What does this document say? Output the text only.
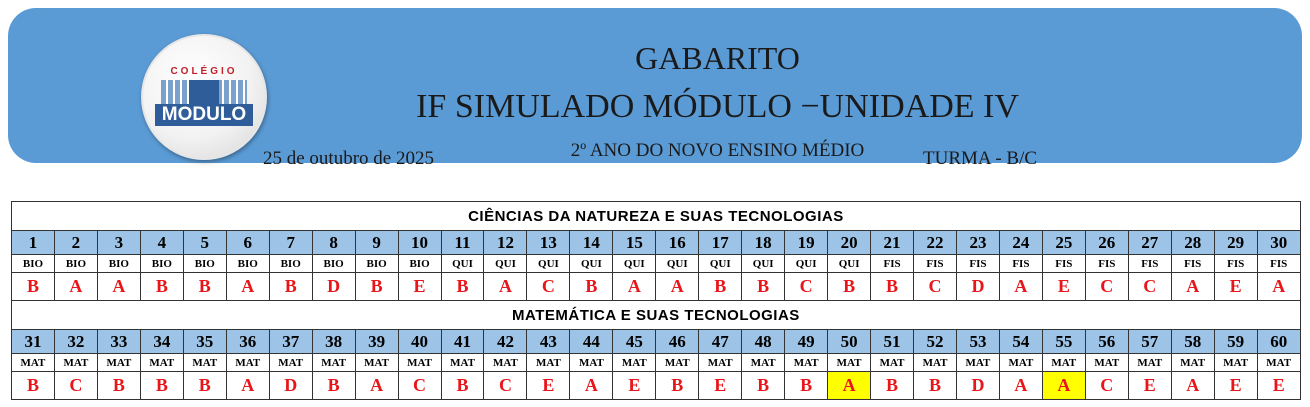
COLÉGIO
MODULO
GABARITO
IF SIMULADO MÓDULO −UNIDADE IV
2º ANO DO NOVO ENSINO MÉDIO
25 de outubro de 2025	TURMA - B/C
CIÊNCIAS DA NATUREZA E SUAS TECNOLOGIAS																													
1	2	3	4	5	6	7	8	9	10	11	12	13	14	15	16	17	18	19	20	21	22	23	24	25	26	27	28	29	30
BIO	BIO	BIO	BIO	BIO	BIO	BIO	BIO	BIO	BIO	QUI	QUI	QUI	QUI	QUI	QUI	QUI	QUI	QUI	QUI	FIS	FIS	FIS	FIS	FIS	FIS	FIS	FIS	FIS	FIS
B	A	A	B	B	A	B	D	B	E	B	A	C	B	A	A	B	B	C	B	B	C	D	A	E	C	C	A	E	A
MATEMÁTICA E SUAS TECNOLOGIAS																													
31	32	33	34	35	36	37	38	39	40	41	42	43	44	45	46	47	48	49	50	51	52	53	54	55	56	57	58	59	60
MAT	MAT	MAT	MAT	MAT	MAT	MAT	MAT	MAT	MAT	MAT	MAT	MAT	MAT	MAT	MAT	MAT	MAT	MAT	MAT	MAT	MAT	MAT	MAT	MAT	MAT	MAT	MAT	MAT	MAT
B	C	B	B	B	A	D	B	A	C	B	C	E	A	E	B	E	B	B	A	B	B	D	A	A	C	E	A	E	E
